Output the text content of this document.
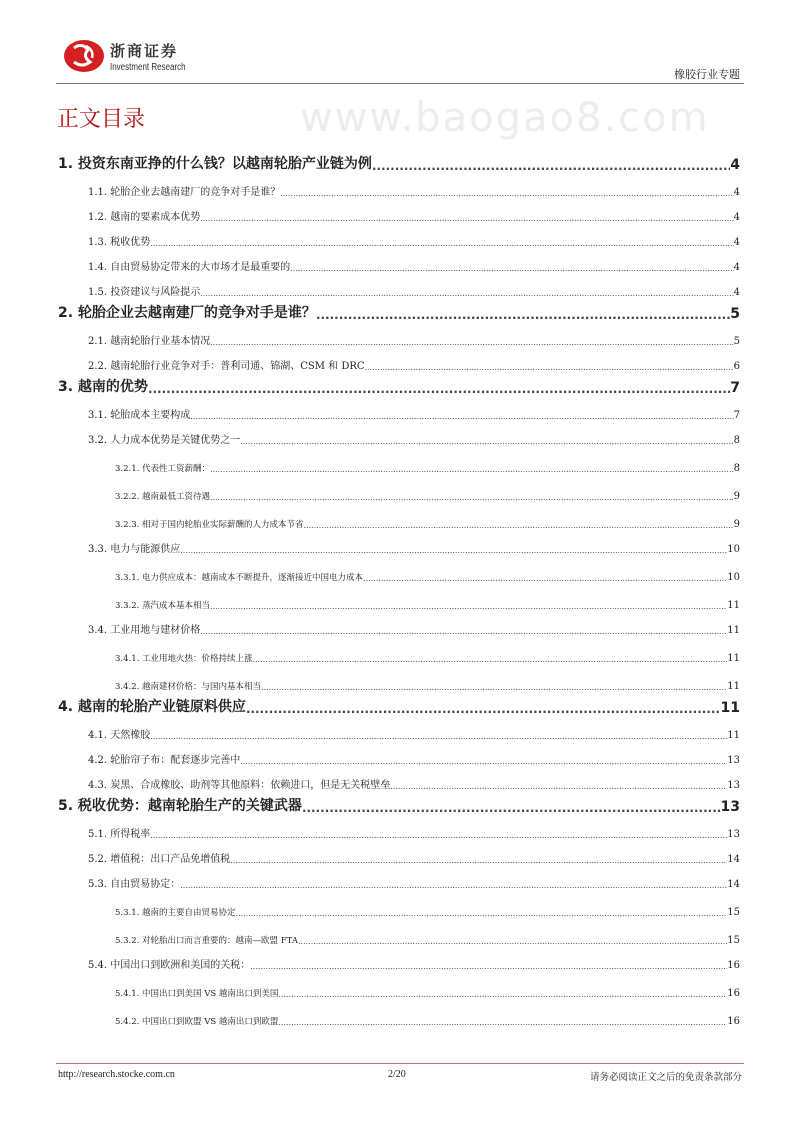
浙商证券
Investment Research
橡胶行业专题
正文目录	www.baogao8.com
1. 投资东南亚挣的什么钱？以越南轮胎产业链为例 .....	4
1.1. 轮胎企业去越南建厂的竞争对手是谁？ .....	4
1.2. 越南的要素成本优势 .....	4
1.3. 税收优势 .....	4
1.4. 自由贸易协定带来的大市场才是最重要的 .....	4
1.5. 投资建议与风险提示 .....	4
2. 轮胎企业去越南建厂的竞争对手是谁？ .....	5
2.1. 越南轮胎行业基本情况 .....	5
2.2. 越南轮胎行业竞争对手：普利司通、锦湖、CSM 和 DRC .....	6
3. 越南的优势 .....	7
3.1. 轮胎成本主要构成 .....	7
3.2. 人力成本优势是关键优势之一 .....	8
3.2.1. 代表性工资薪酬： .....	8
3.2.2. 越南最低工资待遇 .....	9
3.2.3. 相对于国内轮胎业实际薪酬的人力成本节省 .....	9
3.3. 电力与能源供应 .....	10
3.3.1. 电力供应成本：越南成本不断提升，逐渐接近中国电力成本 .....	10
3.3.2. 蒸汽成本基本相当 .....	11
3.4. 工业用地与建材价格 .....	11
3.4.1. 工业用地火热：价格持续上涨 .....	11
3.4.2. 越南建材价格：与国内基本相当 .....	11
4. 越南的轮胎产业链原料供应 .....	11
4.1. 天然橡胶 .....	11
4.2. 轮胎帘子布：配套逐步完善中 .....	13
4.3. 炭黑、合成橡胶、助剂等其他原料：依赖进口，但是无关税壁垒 .....	13
5. 税收优势：越南轮胎生产的关键武器 .....	13
5.1. 所得税率 .....	13
5.2. 增值税：出口产品免增值税 .....	14
5.3. 自由贸易协定： .....	14
5.3.1. 越南的主要自由贸易协定 .....	15
5.3.2. 对轮胎出口而言重要的：越南—欧盟 FTA .....	15
5.4. 中国出口到欧洲和美国的关税： .....	16
5.4.1. 中国出口到美国 VS 越南出口到美国 .....	16
5.4.2. 中国出口到欧盟 VS 越南出口到欧盟 .....	16
http://research.stocke.com.cn	2/20	请务必阅读正文之后的免责条款部分
